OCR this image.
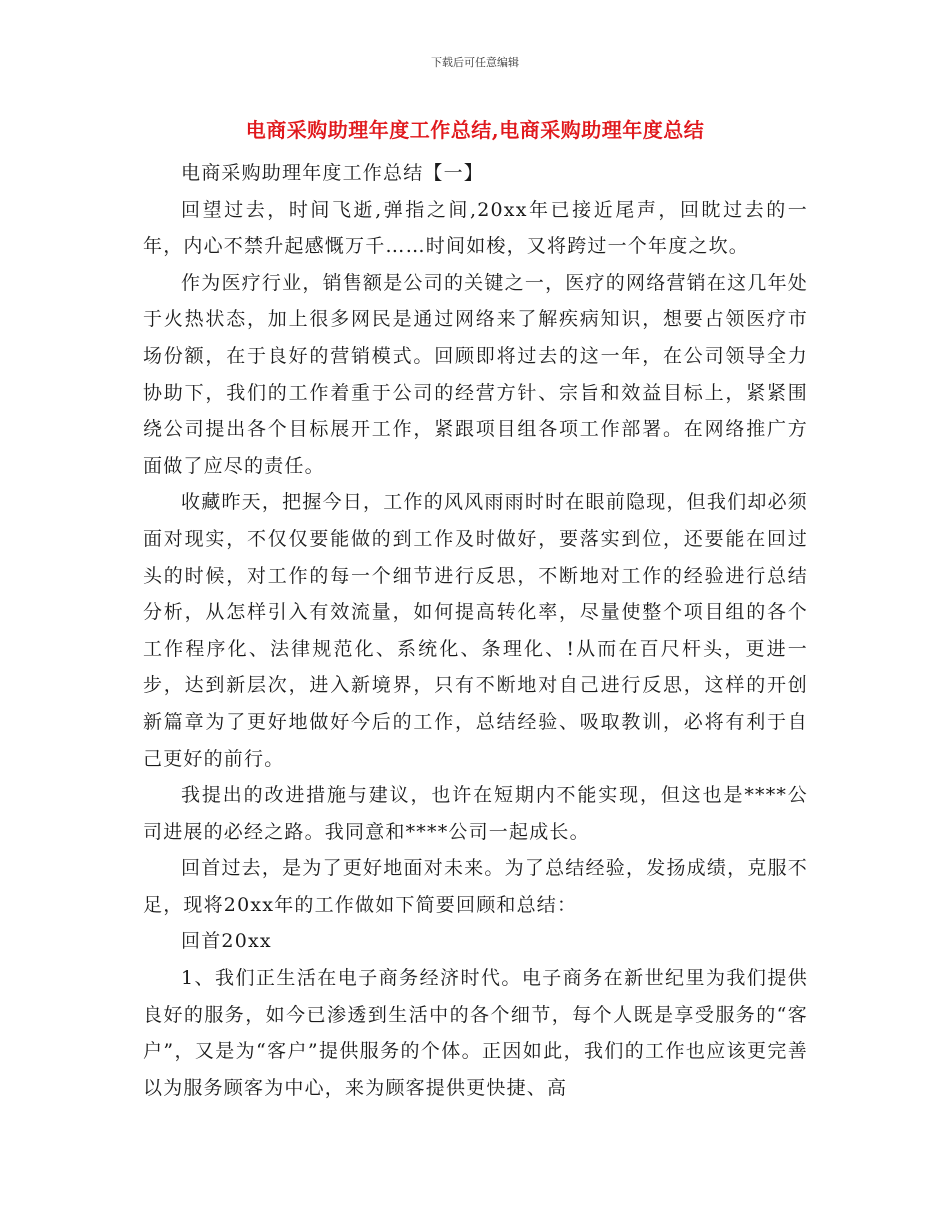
下载后可任意编辑
电商采购助理年度工作总结,电商采购助理年度总结

电商采购助理年度工作总结【一】

回望过去，时间飞逝,弹指之间,20xx年已接近尾声，回眈过去的一年，内心不禁升起感慨万千……时间如梭，又将跨过一个年度之坎。

作为医疗行业，销售额是公司的关键之一，医疗的网络营销在这几年处于火热状态，加上很多网民是通过网络来了解疾病知识，想要占领医疗市场份额，在于良好的营销模式。回顾即将过去的这一年，在公司领导全力协助下，我们的工作着重于公司的经营方针、宗旨和效益目标上，紧紧围绕公司提出各个目标展开工作，紧跟项目组各项工作部署。在网络推广方面做了应尽的责任。

收藏昨天，把握今日，工作的风风雨雨时时在眼前隐现，但我们却必须面对现实，不仅仅要能做的到工作及时做好，要落实到位，还要能在回过头的时候，对工作的每一个细节进行反思，不断地对工作的经验进行总结分析，从怎样引入有效流量，如何提高转化率，尽量使整个项目组的各个工作程序化、法律规范化、系统化、条理化、!从而在百尺杆头，更进一步，达到新层次，进入新境界，只有不断地对自己进行反思，这样的开创新篇章为了更好地做好今后的工作，总结经验、吸取教训，必将有利于自己更好的前行。

我提出的改进措施与建议，也许在短期内不能实现，但这也是****公司进展的必经之路。我同意和****公司一起成长。

回首过去，是为了更好地面对未来。为了总结经验，发扬成绩，克服不足，现将20xx年的工作做如下简要回顾和总结：

回首20xx

1、我们正生活在电子商务经济时代。电子商务在新世纪里为我们提供良好的服务，如今已渗透到生活中的各个细节，每个人既是享受服务的“客户”，又是为“客户”提供服务的个体。正因如此，我们的工作也应该更完善以为服务顾客为中心，来为顾客提供更快捷、高
